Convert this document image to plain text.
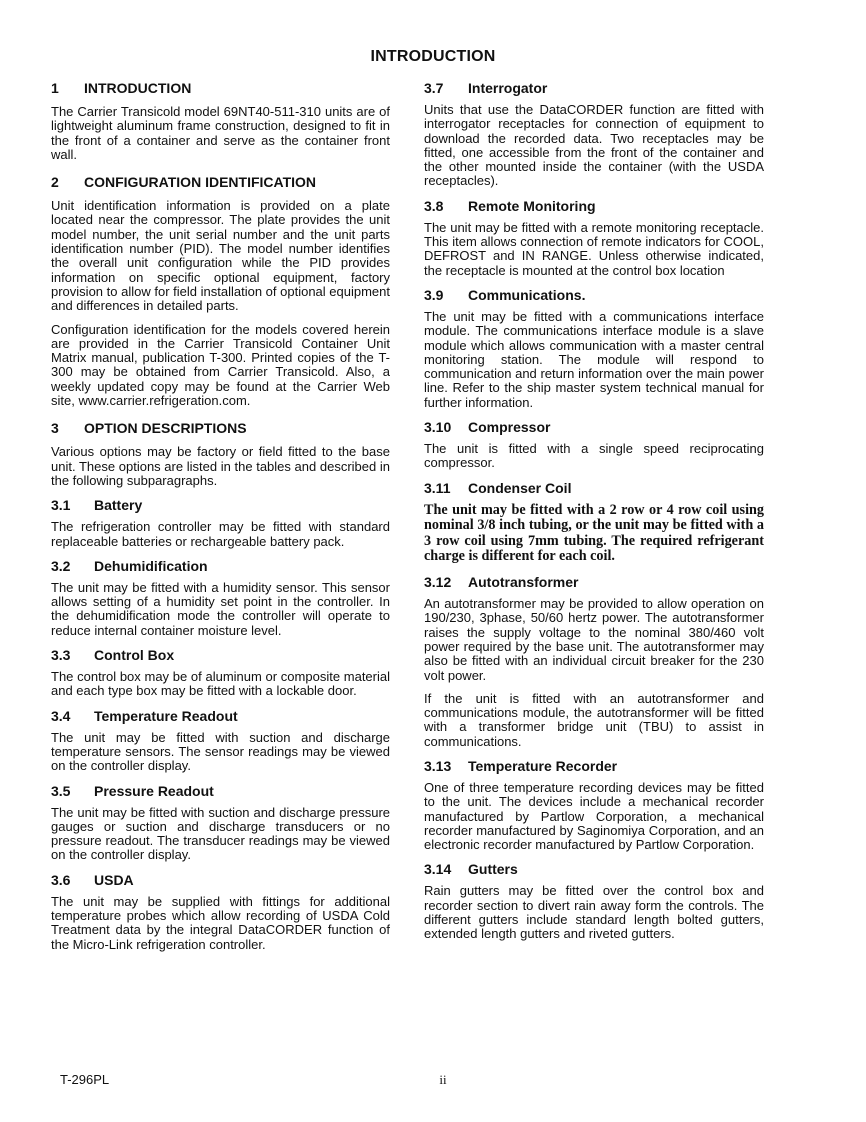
INTRODUCTION
1	INTRODUCTION

The Carrier Transicold model 69NT40-511-310 units are of lightweight aluminum frame construction, designed to fit in the front of a container and serve as the container front wall.

2	CONFIGURATION IDENTIFICATION

Unit identification information is provided on a plate located near the compressor. The plate provides the unit model number, the unit serial number and the unit parts identification number (PID). The model number identifies the overall unit configuration while the PID provides information on specific optional equipment, factory provision to allow for field installation of optional equipment and differences in detailed parts.

Configuration identification for the models covered herein are provided in the Carrier Transicold Container Unit Matrix manual, publication T-300. Printed copies of the T-300 may be obtained from Carrier Transicold. Also, a weekly updated copy may be found at the Carrier Web site, www.carrier.refrigeration.com.

3	OPTION DESCRIPTIONS

Various options may be factory or field fitted to the base unit. These options are listed in the tables and described in the following subparagraphs.

3.1	Battery

The refrigeration controller may be fitted with standard replaceable batteries or rechargeable battery pack.

3.2	Dehumidification

The unit may be fitted with a humidity sensor. This sensor allows setting of a humidity set point in the controller. In the dehumidification mode the controller will operate to reduce internal container moisture level.

3.3	Control Box

The control box may be of aluminum or composite material and each type box may be fitted with a lockable door.

3.4	Temperature Readout

The unit may be fitted with suction and discharge temperature sensors. The sensor readings may be viewed on the controller display.

3.5	Pressure Readout

The unit may be fitted with suction and discharge pressure gauges or suction and discharge transducers or no pressure readout. The transducer readings may be viewed on the controller display.

3.6	USDA

The unit may be supplied with fittings for additional temperature probes which allow recording of USDA Cold Treatment data by the integral DataCORDER function of the Micro-Link refrigeration controller.

3.7	Interrogator

Units that use the DataCORDER function are fitted with interrogator receptacles for connection of equipment to download the recorded data. Two receptacles may be fitted, one accessible from the front of the container and the other mounted inside the container (with the USDA receptacles).

3.8	Remote Monitoring

The unit may be fitted with a remote monitoring receptacle. This item allows connection of remote indicators for COOL, DEFROST and IN RANGE. Unless otherwise indicated, the receptacle is mounted at the control box location

3.9	Communications.

The unit may be fitted with a communications interface module. The communications interface module is a slave module which allows communication with a master central monitoring station. The module will respond to communication and return information over the main power line. Refer to the ship master system technical manual for further information.

3.10	Compressor

The unit is fitted with a single speed reciprocating compressor.

3.11	Condenser Coil

The unit may be fitted with a 2 row or 4 row coil using nominal 3/8 inch tubing, or the unit may be fitted with a 3 row coil using 7mm tubing. The required refrigerant charge is different for each coil.

3.12	Autotransformer

An autotransformer may be provided to allow operation on 190/230, 3phase, 50/60 hertz power. The autotransformer raises the supply voltage to the nominal 380/460 volt power required by the base unit. The autotransformer may also be fitted with an individual circuit breaker for the 230 volt power.

If the unit is fitted with an autotransformer and communications module, the autotransformer will be fitted with a transformer bridge unit (TBU) to assist in communications.

3.13	Temperature Recorder

One of three temperature recording devices may be fitted to the unit. The devices include a mechanical recorder manufactured by Partlow Corporation, a mechanical recorder manufactured by Saginomiya Corporation, and an electronic recorder manufactured by Partlow Corporation.

3.14	Gutters

Rain gutters may be fitted over the control box and recorder section to divert rain away form the controls. The different gutters include standard length bolted gutters, extended length gutters and riveted gutters.

T-296PL	ii
